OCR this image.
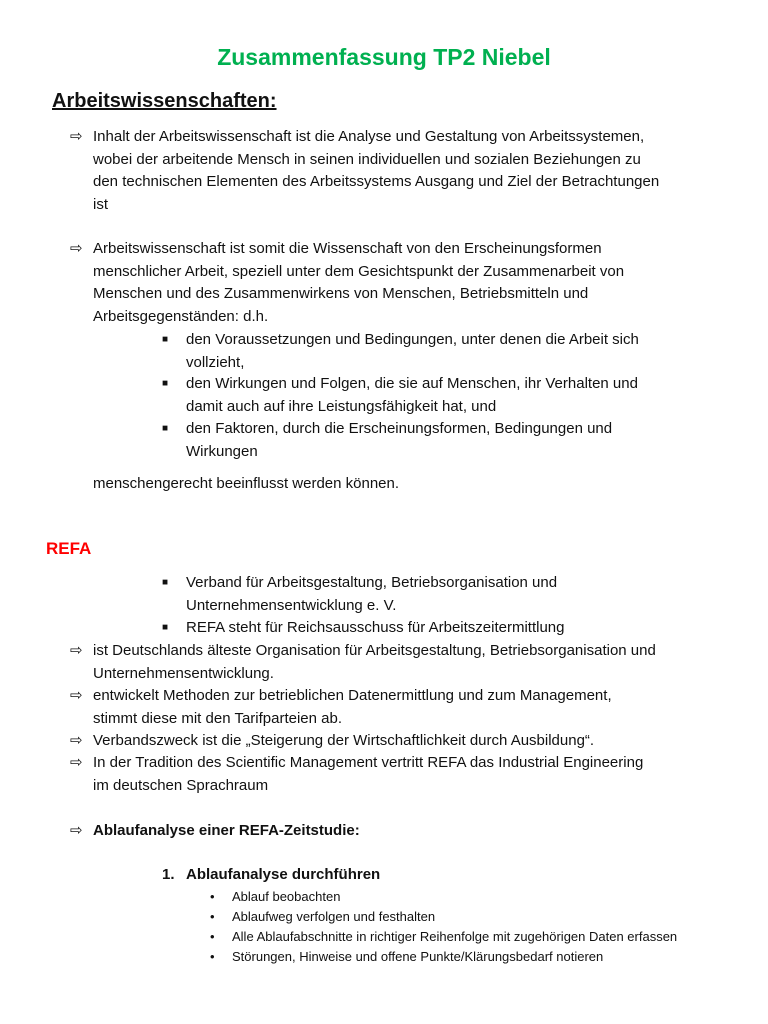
Zusammenfassung TP2 Niebel
Arbeitswissenschaften:
⇨ Inhalt der Arbeitswissenschaft ist die Analyse und Gestaltung von Arbeitssystemen,
wobei der arbeitende Mensch in seinen individuellen und sozialen Beziehungen zu
den technischen Elementen des Arbeitssystems Ausgang und Ziel der Betrachtungen
ist
⇨ Arbeitswissenschaft ist somit die Wissenschaft von den Erscheinungsformen
menschlicher Arbeit, speziell unter dem Gesichtspunkt der Zusammenarbeit von
Menschen und des Zusammenwirkens von Menschen, Betriebsmitteln und
Arbeitsgegenständen: d.h.
■ den Voraussetzungen und Bedingungen, unter denen die Arbeit sich
vollzieht,
■ den Wirkungen und Folgen, die sie auf Menschen, ihr Verhalten und
damit auch auf ihre Leistungsfähigkeit hat, und
■ den Faktoren, durch die Erscheinungsformen, Bedingungen und
Wirkungen
menschengerecht beeinflusst werden können.
REFA
■ Verband für Arbeitsgestaltung, Betriebsorganisation und
Unternehmensentwicklung e. V.
■ REFA steht für Reichsausschuss für Arbeitszeitermittlung
⇨ ist Deutschlands älteste Organisation für Arbeitsgestaltung, Betriebsorganisation und
Unternehmensentwicklung.
⇨ entwickelt Methoden zur betrieblichen Datenermittlung und zum Management,
stimmt diese mit den Tarifparteien ab.
⇨ Verbandszweck ist die „Steigerung der Wirtschaftlichkeit durch Ausbildung“.
⇨ In der Tradition des Scientific Management vertritt REFA das Industrial Engineering
im deutschen Sprachraum
⇨ Ablaufanalyse einer REFA-Zeitstudie:
1. Ablaufanalyse durchführen
• Ablauf beobachten
• Ablaufweg verfolgen und festhalten
• Alle Ablaufabschnitte in richtiger Reihenfolge mit zugehörigen Daten erfassen
• Störungen, Hinweise und offene Punkte/Klärungsbedarf notieren
